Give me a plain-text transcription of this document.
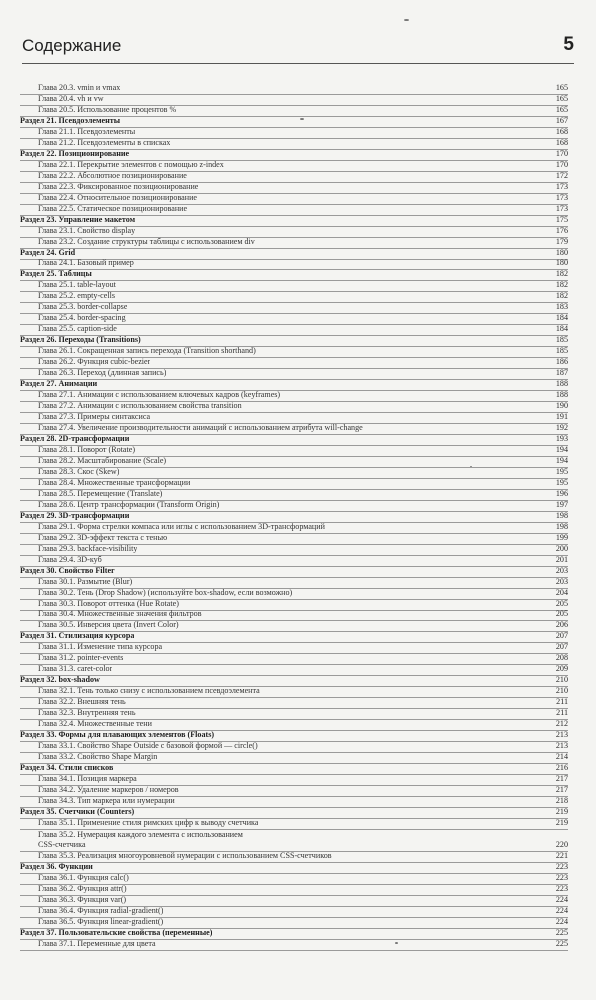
Содержание	5
Глава 20.3. vmin и vmax	165
Глава 20.4. vh и vw	165
Глава 20.5. Использование процентов %	165
Раздел 21. Псевдоэлементы	167
Глава 21.1. Псевдоэлементы	168
Глава 21.2. Псевдоэлементы в списках	168
Раздел 22. Позиционирование	170
Глава 22.1. Перекрытие элементов с помощью z-index	170
Глава 22.2. Абсолютное позиционирование	172
Глава 22.3. Фиксированное позиционирование	173
Глава 22.4. Относительное позиционирование	173
Глава 22.5. Статическое позиционирование	173
Раздел 23. Управление макетом	175
Глава 23.1. Свойство display	176
Глава 23.2. Создание структуры таблицы с использованием div	179
Раздел 24. Grid	180
Глава 24.1. Базовый пример	180
Раздел 25. Таблицы	182
Глава 25.1. table-layout	182
Глава 25.2. empty-cells	182
Глава 25.3. border-collapse	183
Глава 25.4. border-spacing	184
Глава 25.5. caption-side	184
Раздел 26. Переходы (Transitions)	185
Глава 26.1. Сокращенная запись перехода (Transition shorthand)	185
Глава 26.2. Функция cubic-bezier	186
Глава 26.3. Переход (длинная запись)	187
Раздел 27. Анимации	188
Глава 27.1. Анимации с использованием ключевых кадров (keyframes)	188
Глава 27.2. Анимации с использованием свойства transition	190
Глава 27.3. Примеры синтаксиса	191
Глава 27.4. Увеличение производительности анимаций с использованием атрибута will-change	192
Раздел 28. 2D-трансформации	193
Глава 28.1. Поворот (Rotate)	194
Глава 28.2. Масштабирование (Scale)	194
Глава 28.3. Скос (Skew)	195
Глава 28.4. Множественные трансформации	195
Глава 28.5. Перемещение (Translate)	196
Глава 28.6. Центр трансформации (Transform Origin)	197
Раздел 29. 3D-трансформации	198
Глава 29.1. Форма стрелки компаса или иглы с использованием 3D-трансформаций	198
Глава 29.2. 3D-эффект текста с тенью	199
Глава 29.3. backface-visibility	200
Глава 29.4. 3D-куб	201
Раздел 30. Свойство Filter	203
Глава 30.1. Размытие (Blur)	203
Глава 30.2. Тень (Drop Shadow) (используйте box-shadow, если возможно)	204
Глава 30.3. Поворот оттенка (Hue Rotate)	205
Глава 30.4. Множественные значения фильтров	205
Глава 30.5. Инверсия цвета (Invert Color)	206
Раздел 31. Стилизация курсора	207
Глава 31.1. Изменение типа курсора	207
Глава 31.2. pointer-events	208
Глава 31.3. caret-color	209
Раздел 32. box-shadow	210
Глава 32.1. Тень только снизу с использованием псевдоэлемента	210
Глава 32.2. Внешняя тень	211
Глава 32.3. Внутренняя тень	211
Глава 32.4. Множественные тени	212
Раздел 33. Формы для плавающих элементов (Floats)	213
Глава 33.1. Свойство Shape Outside с базовой формой — circle()	213
Глава 33.2. Свойство Shape Margin	214
Раздел 34. Стили списков	216
Глава 34.1. Позиция маркера	217
Глава 34.2. Удаление маркеров / номеров	217
Глава 34.3. Тип маркера или нумерации	218
Раздел 35. Счетчики (Counters)	219
Глава 35.1. Применение стиля римских цифр к выводу счетчика	219
Глава 35.2. Нумерация каждого элемента с использованием
CSS-счетчика	220
Глава 35.3. Реализация многоуровневой нумерации с использованием CSS-счетчиков	221
Раздел 36. Функции	223
Глава 36.1. Функция calc()	223
Глава 36.2. Функция attr()	223
Глава 36.3. Функция var()	224
Глава 36.4. Функция radial-gradient()	224
Глава 36.5. Функция linear-gradient()	224
Раздел 37. Пользовательские свойства (переменные)	225
Глава 37.1. Переменные для цвета	225
